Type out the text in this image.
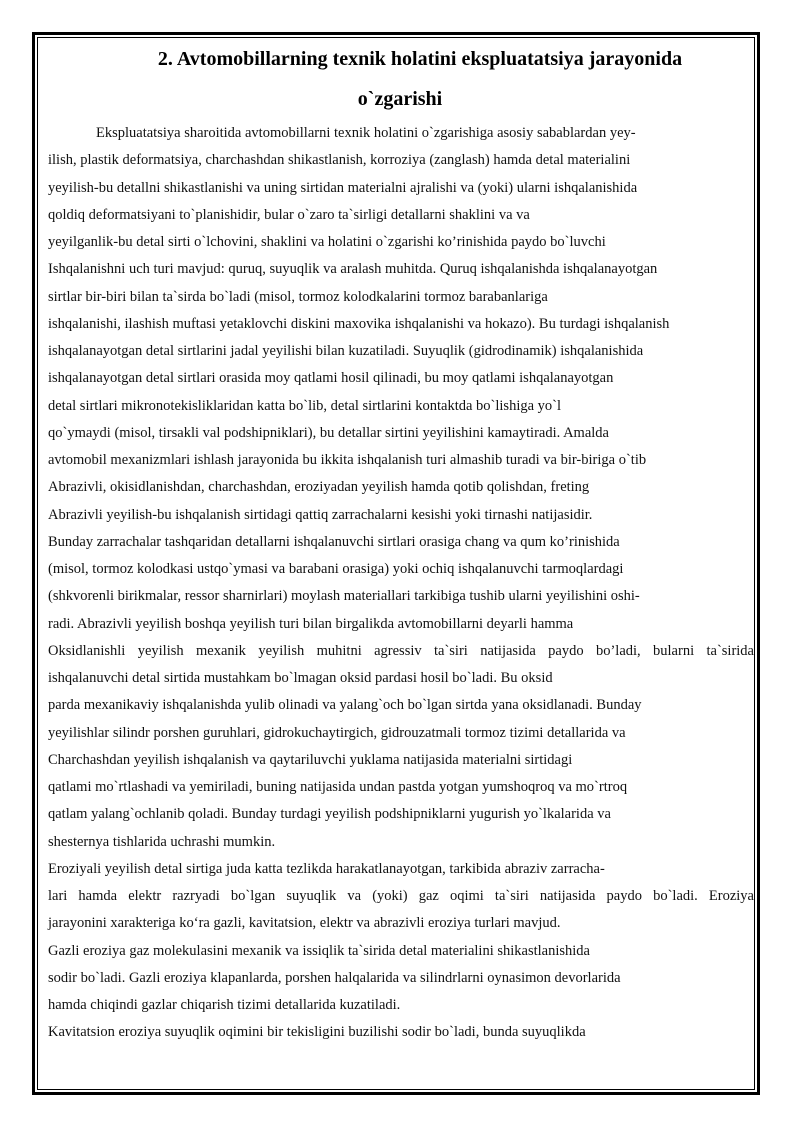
2. Avtomobillarning texnik holatini ekspluatatsiya jarayonida
o`zgarishi
Ekspluatatsiya sharoitida avtomobillarni texnik holatini o`zgarishiga asosiy sabablardan yey-
ilish, plastik deformatsiya, charchashdan shikastlanish, korroziya (zanglash) hamda detal materialini
yeyilish-bu detallni shikastlanishi va uning sirtidan materialni ajralishi va (yoki) ularni ishqalanishida
qoldiq deformatsiyani to`planishidir, bular o`zaro ta`sirligi detallarni shaklini va va
yeyilganlik-bu detal sirti o`lchovini, shaklini va holatini o`zgarishi ko’rinishida paydo bo`luvchi
Ishqalanishni uch turi mavjud: quruq, suyuqlik va aralash muhitda. Quruq ishqalanishda ishqalanayotgan
sirtlar bir-biri bilan ta`sirda bo`ladi (misol, tormoz kolodkalarini tormoz barabanlariga
ishqalanishi, ilashish muftasi yetaklovchi diskini maxovika ishqalanishi va hokazo). Bu turdagi ishqalanish
ishqalanayotgan detal sirtlarini jadal yeyilishi bilan kuzatiladi. Suyuqlik (gidrodinamik) ishqalanishida
ishqalanayotgan detal sirtlari orasida moy qatlami hosil qilinadi, bu moy qatlami ishqalanayotgan
detal sirtlari mikronotekisliklaridan katta bo`lib, detal sirtlarini kontaktda bo`lishiga yo`l
qo`ymaydi (misol, tirsakli val podshipniklari), bu detallar sirtini yeyilishini kamaytiradi. Amalda
avtomobil mexanizmlari ishlash jarayonida bu ikkita ishqalanish turi almashib turadi va bir-biriga o`tib
Abrazivli, okisidlanishdan, charchashdan, eroziyadan yeyilish hamda qotib qolishdan, freting
Abrazivli yeyilish-bu ishqalanish sirtidagi qattiq zarrachalarni kesishi yoki tirnashi natijasidir.
Bunday zarrachalar tashqaridan detallarni ishqalanuvchi sirtlari orasiga chang va qum ko’rinishida
(misol, tormoz kolodkasi ustqo`ymasi va barabani orasiga) yoki ochiq ishqalanuvchi tarmoqlardagi
(shkvorenli birikmalar, ressor sharnirlari) moylash materiallari tarkibiga tushib ularni yeyilishini oshi-
radi. Abrazivli yeyilish boshqa yeyilish turi bilan birgalikda avtomobillarni deyarli hamma
Oksidlanishli yeyilish mexanik yeyilish muhitni agressiv ta`siri natijasida paydo bo’ladi, bularni ta`sirida
ishqalanuvchi detal sirtida mustahkam bo`lmagan oksid pardasi hosil bo`ladi. Bu oksid
parda mexanikaviy ishqalanishda yulib olinadi va yalang`och bo`lgan sirtda yana oksidlanadi. Bunday
yeyilishlar silindr porshen guruhlari, gidrokuchaytirgich, gidrouzatmali tormoz tizimi detallarida va
Charchashdan yeyilish ishqalanish va qaytariluvchi yuklama natijasida materialni sirtidagi
qatlami mo`rtlashadi va yemiriladi, buning natijasida undan pastda yotgan yumshoqroq va mo`rtroq
qatlam yalang`ochlanib qoladi. Bunday turdagi yeyilish podshipniklarni yugurish yo`lkalarida va
shesternya tishlarida uchrashi mumkin.
Eroziyali yeyilish detal sirtiga juda katta tezlikda harakatlanayotgan, tarkibida abraziv zarracha-
lari hamda elektr razryadi bo`lgan suyuqlik va (yoki) gaz oqimi ta`siri natijasida paydo bo`ladi. Eroziya
jarayonini xarakteriga ko‘ra gazli, kavitatsion, elektr va abrazivli eroziya turlari mavjud.
Gazli eroziya gaz molekulasini mexanik va issiqlik ta`sirida detal materialini shikastlanishida
sodir bo`ladi. Gazli eroziya klapanlarda, porshen halqalarida va silindrlarni oynasimon devorlarida
hamda chiqindi gazlar chiqarish tizimi detallarida kuzatiladi.
Kavitatsion eroziya suyuqlik oqimini bir tekisligini buzilishi sodir bo`ladi, bunda suyuqlikda
